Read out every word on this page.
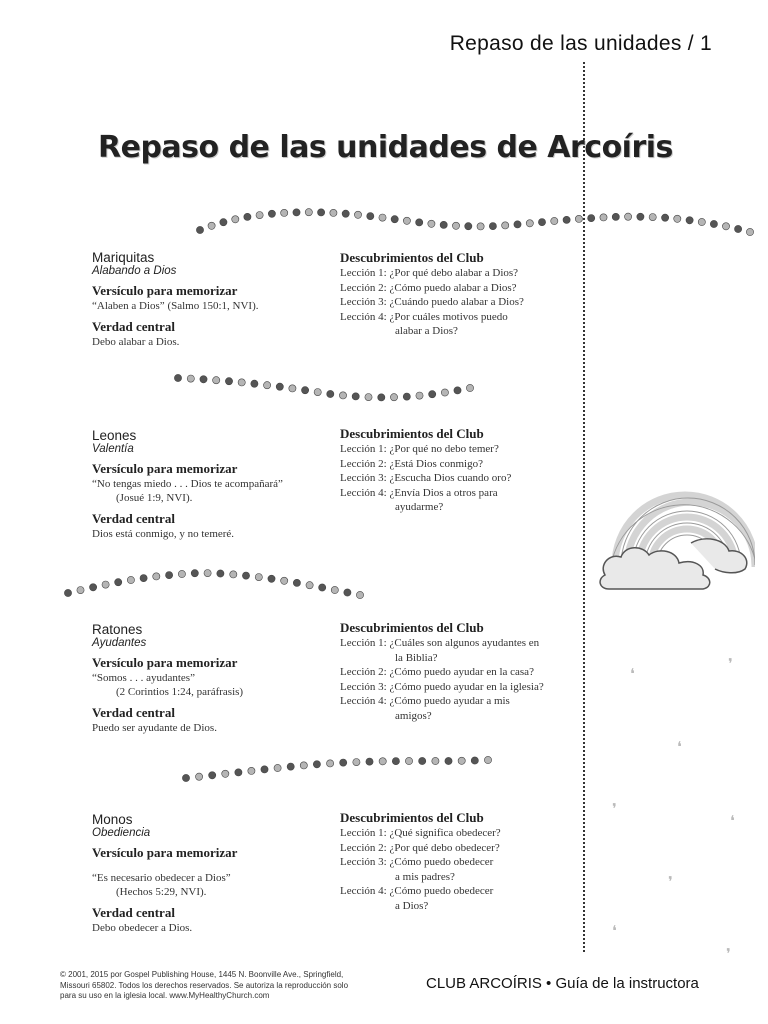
Repaso de las unidades / 1
Repaso de las unidades de Arcoíris
❛
❜
❛
❜
❛
❜
❛
❜
Mariquitas
Alabando a Dios
Versículo para memorizar
“Alaben a Dios” (Salmo 150:1, NVI).
Verdad central
Debo alabar a Dios.
Descubrimientos del Club
Lección 1: ¿Por qué debo alabar a Dios?
Lección 2: ¿Cómo puedo alabar a Dios?
Lección 3: ¿Cuándo puedo alabar a Dios?
Lección 4: ¿Por cuáles motivos puedo
alabar a Dios?
Leones
Valentía
Versículo para memorizar
“No tengas miedo . . . Dios te acompañará”
(Josué 1:9, NVI).
Verdad central
Dios está conmigo, y no temeré.
Descubrimientos del Club
Lección 1: ¿Por qué no debo temer?
Lección 2: ¿Está Dios conmigo?
Lección 3: ¿Escucha Dios cuando oro?
Lección 4: ¿Envía Dios a otros para
ayudarme?
Ratones
Ayudantes
Versículo para memorizar
“Somos . . . ayudantes”
(2 Corintios 1:24, paráfrasis)
Verdad central
Puedo ser ayudante de Dios.
Descubrimientos del Club
Lección 1: ¿Cuáles son algunos ayudantes en
la Biblia?
Lección 2: ¿Cómo puedo ayudar en la casa?
Lección 3: ¿Cómo puedo ayudar en la iglesia?
Lección 4: ¿Cómo puedo ayudar a mis
amigos?
Monos
Obediencia
Versículo para memorizar
“Es necesario obedecer a Dios”
(Hechos 5:29, NVI).
Verdad central
Debo obedecer a Dios.
Descubrimientos del Club
Lección 1: ¿Qué significa obedecer?
Lección 2: ¿Por qué debo obedecer?
Lección 3: ¿Cómo puedo obedecer
a mis padres?
Lección 4: ¿Cómo puedo obedecer
a Dios?
© 2001, 2015 por Gospel Publishing House, 1445 N. Boonville Ave., Springfield,
Missouri 65802. Todos los derechos reservados. Se autoriza la reproducción solo
para su uso en la iglesia local. www.MyHealthyChurch.com
CLUB ARCOÍRIS • Guía de la instructora
